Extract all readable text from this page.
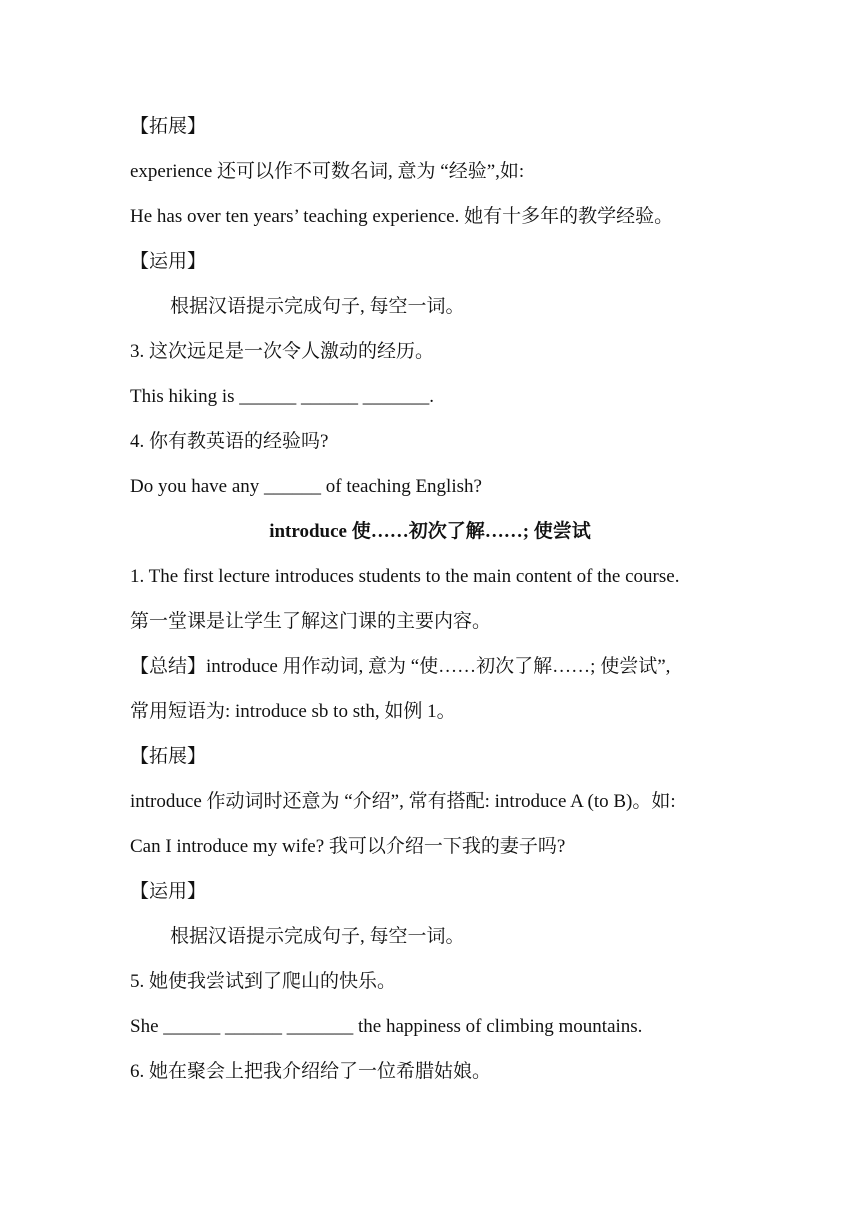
【拓展】
experience 还可以作不可数名词, 意为 “经验”,如:
He has over ten years’ teaching experience. 她有十多年的教学经验。
【运用】
根据汉语提示完成句子, 每空一词。
3. 这次远足是一次令人激动的经历。
This hiking is ______ ______ _______.
4. 你有教英语的经验吗?
Do you have any ______ of teaching English?
introduce 使……初次了解……; 使尝试
1. The first lecture introduces students to the main content of the course.
第一堂课是让学生了解这门课的主要内容。
【总结】introduce 用作动词, 意为 “使……初次了解……; 使尝试”,
常用短语为: introduce sb to sth, 如例 1。
【拓展】
introduce 作动词时还意为 “介绍”, 常有搭配: introduce A (to B)。如:
Can I introduce my wife? 我可以介绍一下我的妻子吗?
【运用】
根据汉语提示完成句子, 每空一词。
5. 她使我尝试到了爬山的快乐。
She ______ ______ _______ the happiness of climbing mountains.
6. 她在聚会上把我介绍给了一位希腊姑娘。
